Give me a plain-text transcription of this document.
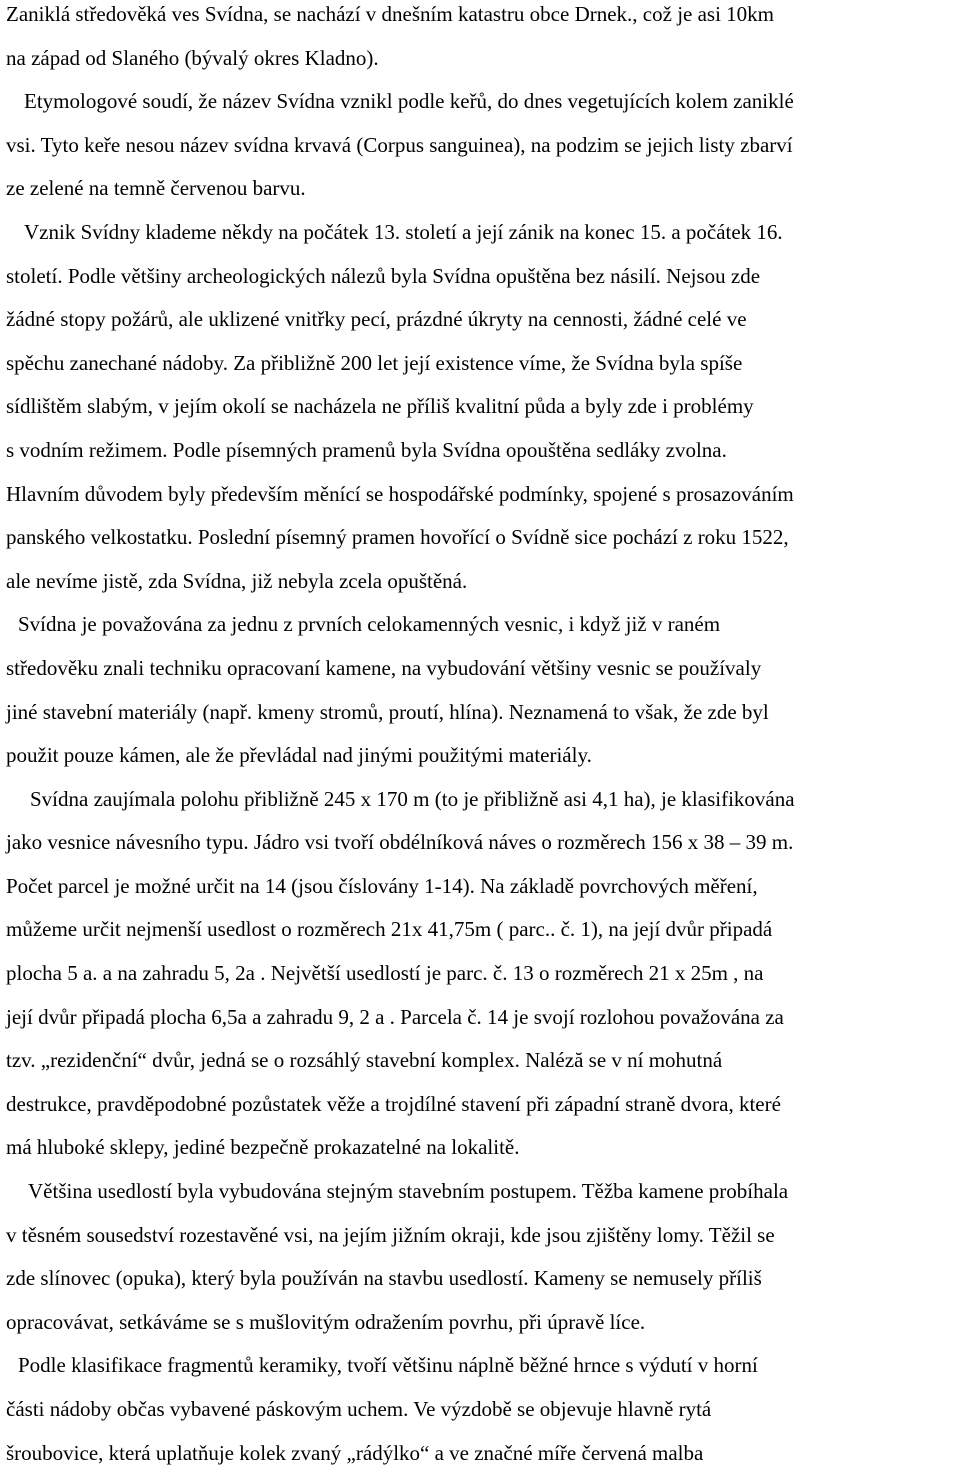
Zaniklá středověká ves Svídna, se nachází v dnešním katastru obce Drnek., což je asi 10km
na západ od Slaného (bývalý okres Kladno).
Etymologové soudí, že název Svídna vznikl podle keřů, do dnes vegetujících kolem zaniklé
vsi. Tyto keře nesou název svídna krvavá (Corpus sanguinea), na podzim se jejich listy zbarví
ze zelené na temně červenou barvu.
Vznik Svídny klademe někdy na počátek 13. století a její zánik na konec 15. a počátek 16.
století. Podle většiny archeologických nálezů byla Svídna opuštěna bez násilí. Nejsou zde
žádné stopy požárů, ale uklizené vnitřky pecí, prázdné úkryty na cennosti, žádné celé ve
spěchu zanechané nádoby. Za přibližně 200 let její existence víme, že Svídna byla spíše
sídlištěm slabým, v jejím okolí se nacházela ne příliš kvalitní půda a byly zde i problémy
s vodním režimem. Podle písemných pramenů byla Svídna opouštěna sedláky zvolna.
Hlavním důvodem byly především měnící se hospodářské podmínky, spojené s prosazováním
panského velkostatku. Poslední písemný pramen hovořící o Svídně sice pochází z roku 1522,
ale nevíme jistě, zda Svídna, již nebyla zcela opuštěná.
Svídna je považována za jednu z prvních celokamenných vesnic, i když již v raném
středověku znali techniku opracovaní kamene, na vybudování většiny vesnic se používaly
jiné stavební materiály (např. kmeny stromů, proutí, hlína). Neznamená to však, že zde byl
použit pouze kámen, ale že převládal nad jinými použitými materiály.
Svídna zaujímala polohu přibližně 245 x 170 m (to je přibližně asi 4,1 ha), je klasifikována
jako vesnice návesního typu. Jádro vsi tvoří obdélníková náves o rozměrech 156 x 38 – 39 m.
Počet parcel je možné určit na 14 (jsou číslovány 1-14). Na základě povrchových měření,
můžeme určit nejmenší usedlost o rozměrech 21x 41,75m ( parc.. č. 1), na její dvůr připadá
plocha 5 a. a na zahradu 5, 2a . Největší usedlostí je parc. č. 13 o rozměrech 21 x 25m , na
její dvůr připadá plocha 6,5a a zahradu 9, 2 a . Parcela č. 14 je svojí rozlohou považována za
tzv. „rezidenční“ dvůr, jedná se o rozsáhlý stavební komplex. Naléză se v ní mohutná
destrukce, pravděpodobné pozůstatek věže a trojdílné stavení při západní straně dvora, které
má hluboké sklepy, jediné bezpečně prokazatelné na lokalitě.
Většina usedlostí byla vybudována stejným stavebním postupem. Těžba kamene probíhala
v těsném sousedství rozestavěné vsi, na jejím jižním okraji, kde jsou zjištěny lomy. Těžil se
zde slínovec (opuka), který byla používán na stavbu usedlostí. Kameny se nemusely příliš
opracovávat, setkáváme se s mušlovitým odražením povrhu, při úpravě líce.
Podle klasifikace fragmentů keramiky, tvoří většinu náplně běžné hrnce s výdutí v horní
části nádoby občas vybavené páskovým uchem. Ve výzdobě se objevuje hlavně rytá
šroubovice, která uplatňuje kolek zvaný „rádýlko“ a ve značné míře červená malba
